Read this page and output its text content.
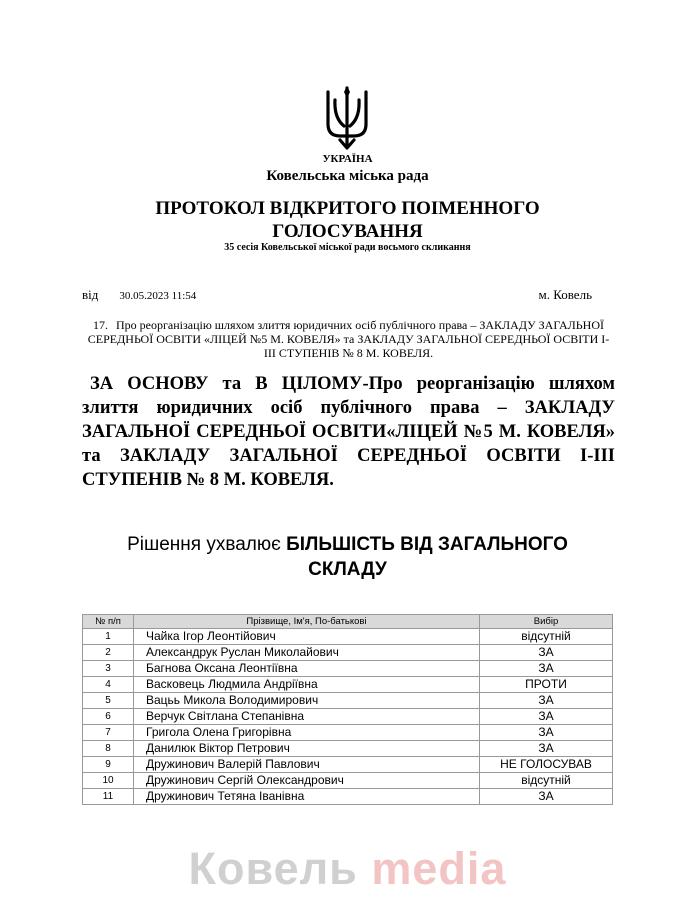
УКРАЇНА
Ковельська міська рада
ПРОТОКОЛ ВІДКРИТОГО ПОІМЕННОГО ГОЛОСУВАННЯ
35 сесія Ковельської міської ради восьмого скликання
від 30.05.2023 11:54	м. Ковель
17. Про реорганізацію шляхом злиття юридичних осіб публічного права – ЗАКЛАДУ ЗАГАЛЬНОЇ СЕРЕДНЬОЇ ОСВІТИ «ЛІЦЕЙ №5 М. КОВЕЛЯ» та ЗАКЛАДУ ЗАГАЛЬНОЇ СЕРЕДНЬОЇ ОСВІТИ І-ІІІ СТУПЕНІВ № 8 М. КОВЕЛЯ.
ЗА ОСНОВУ та В ЦІЛОМУ-Про реорганізацію шляхом злиття юридичних осіб публічного права – ЗАКЛАДУ ЗАГАЛЬНОЇ СЕРЕДНЬОЇ ОСВІТИ«ЛІЦЕЙ №5 М. КОВЕЛЯ» та ЗАКЛАДУ ЗАГАЛЬНОЇ СЕРЕДНЬОЇ ОСВІТИ І-ІІІ СТУПЕНІВ № 8 М. КОВЕЛЯ.
Рішення ухвалює БІЛЬШІСТЬ ВІД ЗАГАЛЬНОГО СКЛАДУ
№ п/п	Прізвище, Ім'я, По-батькові	Вибір
1	Чайка Ігор Леонтійович	відсутній
2	Александрук Руслан Миколайович	ЗА
3	Багнова Оксана Леонтіївна	ЗА
4	Васковець Людмила Андріївна	ПРОТИ
5	Вацьь Микола Володимирович	ЗА
6	Верчук Світлана Степанівна	ЗА
7	Григола Олена Григорівна	ЗА
8	Данилюк Віктор Петрович	ЗА
9	Дружинович Валерій Павлович	НЕ ГОЛОСУВАВ
10	Дружинович Сергій Олександрович	відсутній
11	Дружинович Тетяна Іванівна	ЗА
Ковель media
